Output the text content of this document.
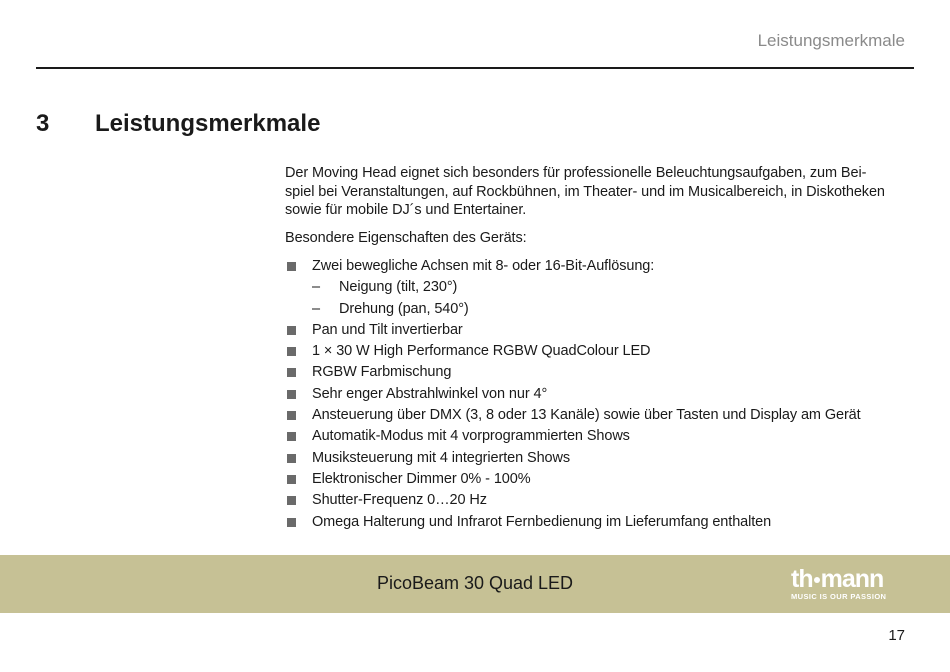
Leistungsmerkmale
3 Leistungsmerkmale

Der Moving Head eignet sich besonders für professionelle Beleuchtungsaufgaben, zum Bei-
spiel bei Veranstaltungen, auf Rockbühnen, im Theater- und im Musicalbereich, in Diskotheken
sowie für mobile DJ´s und Entertainer.

Besondere Eigenschaften des Geräts:

Zwei bewegliche Achsen mit 8- oder 16-Bit-Auflösung:
– Neigung (tilt, 230°)
– Drehung (pan, 540°)
Pan und Tilt invertierbar
1 × 30 W High Performance RGBW QuadColour LED
RGBW Farbmischung
Sehr enger Abstrahlwinkel von nur 4°
Ansteuerung über DMX (3, 8 oder 13 Kanäle) sowie über Tasten und Display am Gerät
Automatik-Modus mit 4 vorprogrammierten Shows
Musiksteuerung mit 4 integrierten Shows
Elektronischer Dimmer 0% - 100%
Shutter-Frequenz 0…20 Hz
Omega Halterung und Infrarot Fernbedienung im Lieferumfang enthalten
PicoBeam 30 Quad LED	th mann
MUSIC IS OUR PASSION
17
